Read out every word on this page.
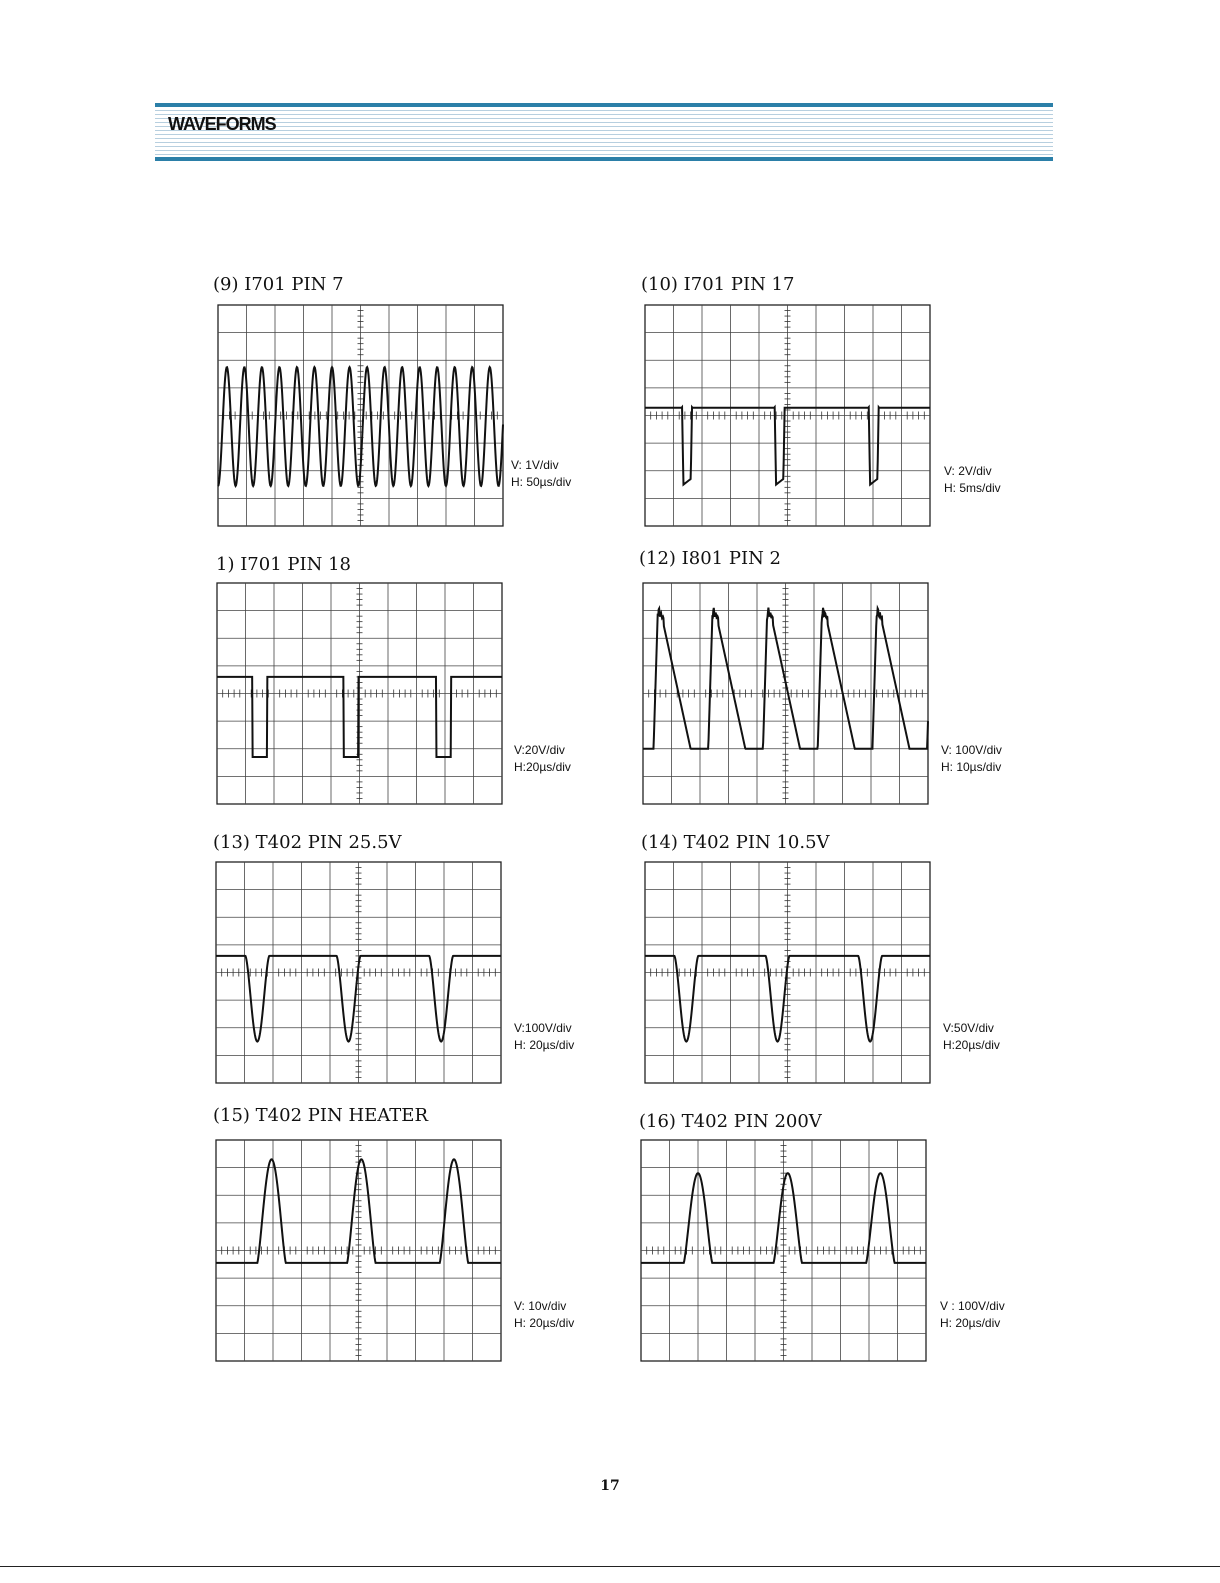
WAVEFORMS
(9) I701 PIN 7
V: 1V/div
H: 50µs/div
(10) I701 PIN 17
V: 2V/div
H: 5ms/div
1) I701 PIN 18
V:20V/div
H:20µs/div
(12) I801 PIN 2
V: 100V/div
H: 10µs/div
(13) T402 PIN 25.5V
V:100V/div
H: 20µs/div
(14) T402 PIN 10.5V
V:50V/div
H:20µs/div
(15) T402 PIN HEATER
V: 10v/div
H: 20µs/div
(16) T402 PIN 200V
V : 100V/div
H: 20µs/div
17
